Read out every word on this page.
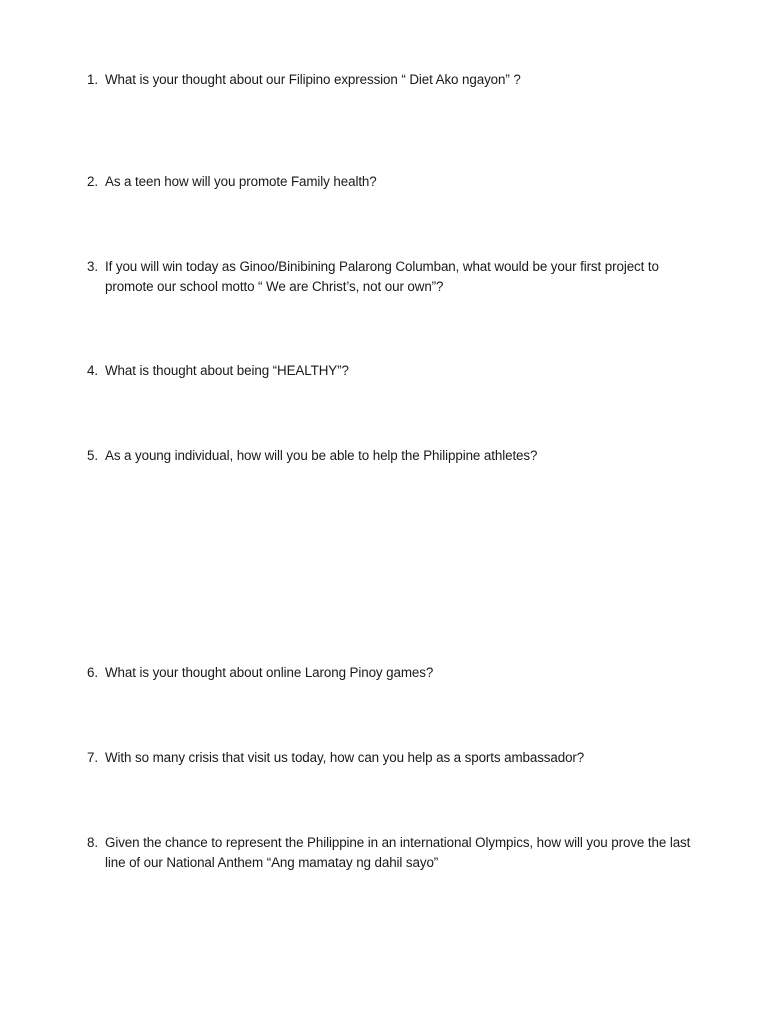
1. What is your thought about our Filipino expression “ Diet Ako ngayon” ?
2. As a teen how will you promote Family health?
3. If you will win today as Ginoo/Binibining Palarong Columban, what would be your first project to promote our school motto “ We are Christ’s, not our own”?
4. What is thought about being “HEALTHY”?
5. As a young individual, how will you be able to help the Philippine athletes?
6. What is your thought about online Larong Pinoy games?
7. With so many crisis that visit us today, how can you help as a sports ambassador?
8. Given the chance to represent the Philippine in an international Olympics, how will you prove the last line of our National Anthem “Ang mamatay ng dahil sayo”
